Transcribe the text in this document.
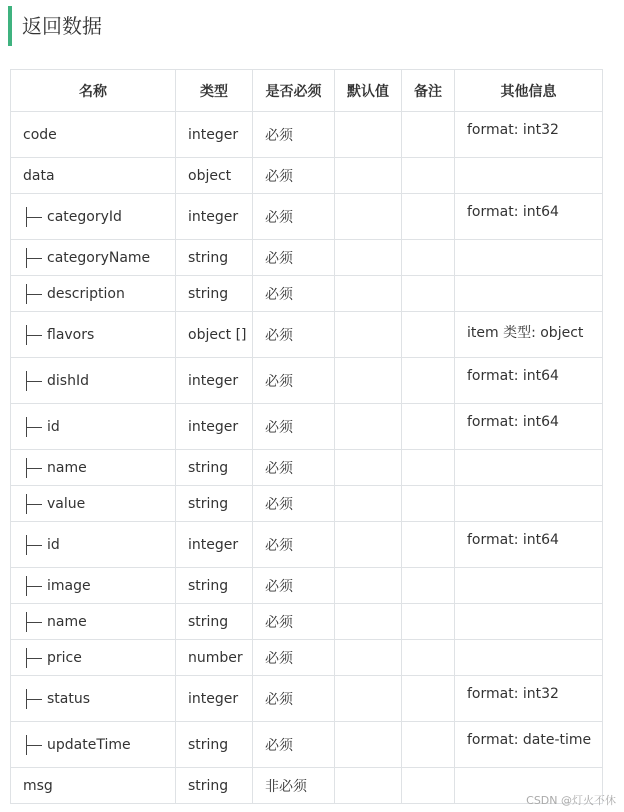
返回数据
名称	类型	是否必须	默认值	备注	其他信息
code	integer	必须			format: int32
data	object	必须			

categoryId	integer	必须			format: int64

categoryName	string	必须			

description	string	必须			

flavors	object []	必须			item 类型: object

dishId	integer	必须			format: int64

id	integer	必须			format: int64

name	string	必须			

value	string	必须			

id	integer	必须			format: int64

image	string	必须			

name	string	必须			

price	number	必须			

status	integer	必须			format: int32

updateTime	string	必须			format: date-time
msg	string	非必须			
CSDN @灯火不休
